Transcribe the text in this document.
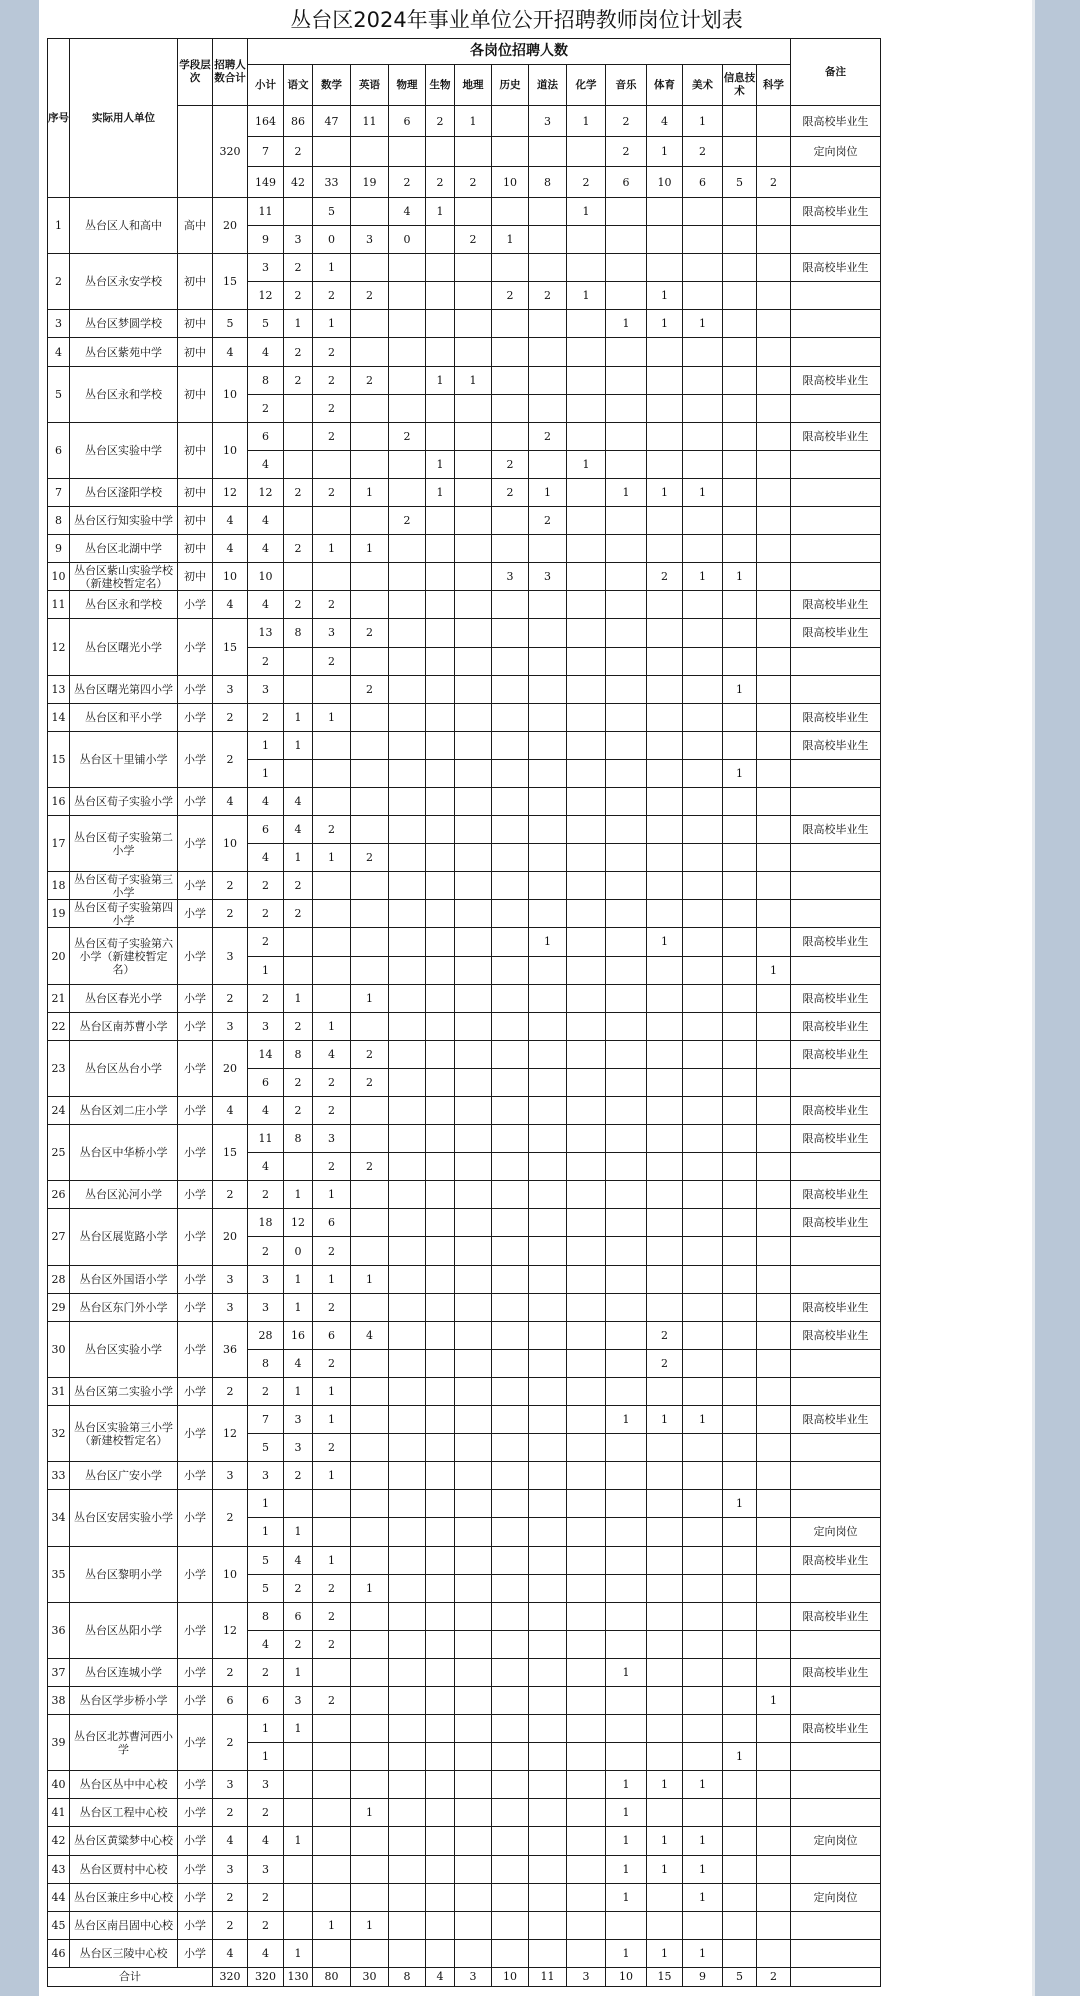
丛台区2024年事业单位公开招聘教师岗位计划表
序号	实际用人单位	学段层次	招聘人数合计	各岗位招聘人数															备注
				小计	语文	数学	英语	物理	生物	地理	历史	道法	化学	音乐	体育	美术	信息技术	科学	
			320	164	86	47	11	6	2	1		3	1	2	4	1			限高校毕业生
				7	2									2	1	2			定向岗位
				149	42	33	19	2	2	2	10	8	2	6	10	6	5	2	
1	丛台区人和高中	高中	20	11		5		4	1				1						限高校毕业生
				9	3	0	3	0		2	1								
2	丛台区永安学校	初中	15	3	2	1													限高校毕业生
				12	2	2	2				2	2	1		1				
3	丛台区梦圆学校	初中	5	5	1	1								1	1	1			
4	丛台区紫苑中学	初中	4	4	2	2													
5	丛台区永和学校	初中	10	8	2	2	2		1	1									限高校毕业生
				2		2													
6	丛台区实验中学	初中	10	6		2		2				2							限高校毕业生
				4					1		2		1						
7	丛台区滏阳学校	初中	12	12	2	2	1		1		2	1		1	1	1			
8	丛台区行知实验中学	初中	4	4				2				2							
9	丛台区北湖中学	初中	4	4	2	1	1												
10	丛台区紫山实验学校（新建校暂定名）	初中	10	10							3	3			2	1	1		
11	丛台区永和学校	小学	4	4	2	2													限高校毕业生
12	丛台区曙光小学	小学	15	13	8	3	2												限高校毕业生
				2		2													
13	丛台区曙光第四小学	小学	3	3			2										1		
14	丛台区和平小学	小学	2	2	1	1													限高校毕业生
15	丛台区十里铺小学	小学	2	1	1														限高校毕业生
				1													1		
16	丛台区荀子实验小学	小学	4	4	4														
17	丛台区荀子实验第二小学	小学	10	6	4	2													限高校毕业生
				4	1	1	2												
18	丛台区荀子实验第三小学	小学	2	2	2														
19	丛台区荀子实验第四小学	小学	2	2	2														
20	丛台区荀子实验第六小学（新建校暂定名）	小学	3	2								1			1				限高校毕业生
				1														1	
21	丛台区春光小学	小学	2	2	1		1												限高校毕业生
22	丛台区南苏曹小学	小学	3	3	2	1													限高校毕业生
23	丛台区丛台小学	小学	20	14	8	4	2												限高校毕业生
				6	2	2	2												
24	丛台区刘二庄小学	小学	4	4	2	2													限高校毕业生
25	丛台区中华桥小学	小学	15	11	8	3													限高校毕业生
				4		2	2												
26	丛台区沁河小学	小学	2	2	1	1													限高校毕业生
27	丛台区展览路小学	小学	20	18	12	6													限高校毕业生
				2	0	2													
28	丛台区外国语小学	小学	3	3	1	1	1												
29	丛台区东门外小学	小学	3	3	1	2													限高校毕业生
30	丛台区实验小学	小学	36	28	16	6	4								2				限高校毕业生
				8	4	2									2				
31	丛台区第二实验小学	小学	2	2	1	1													
32	丛台区实验第三小学 （新建校暂定名）	小学	12	7	3	1								1	1	1			限高校毕业生
				5	3	2													
33	丛台区广安小学	小学	3	3	2	1													
34	丛台区安居实验小学	小学	2	1													1		
				1	1														定向岗位
35	丛台区黎明小学	小学	10	5	4	1													限高校毕业生
				5	2	2	1												
36	丛台区丛阳小学	小学	12	8	6	2													限高校毕业生
				4	2	2													
37	丛台区连城小学	小学	2	2	1									1					限高校毕业生
38	丛台区学步桥小学	小学	6	6	3	2												1	
39	丛台区北苏曹河西小学	小学	2	1	1														限高校毕业生
				1													1		
40	丛台区丛中中心校	小学	3	3										1	1	1			
41	丛台区工程中心校	小学	2	2			1							1					
42	丛台区黄粱梦中心校	小学	4	4	1									1	1	1			定向岗位
43	丛台区贾村中心校	小学	3	3										1	1	1			
44	丛台区兼庄乡中心校	小学	2	2										1		1			定向岗位
45	丛台区南吕固中心校	小学	2	2		1	1												
46	丛台区三陵中心校	小学	4	4	1									1	1	1			
合计			320	320	130	80	30	8	4	3	10	11	3	10	15	9	5	2	
